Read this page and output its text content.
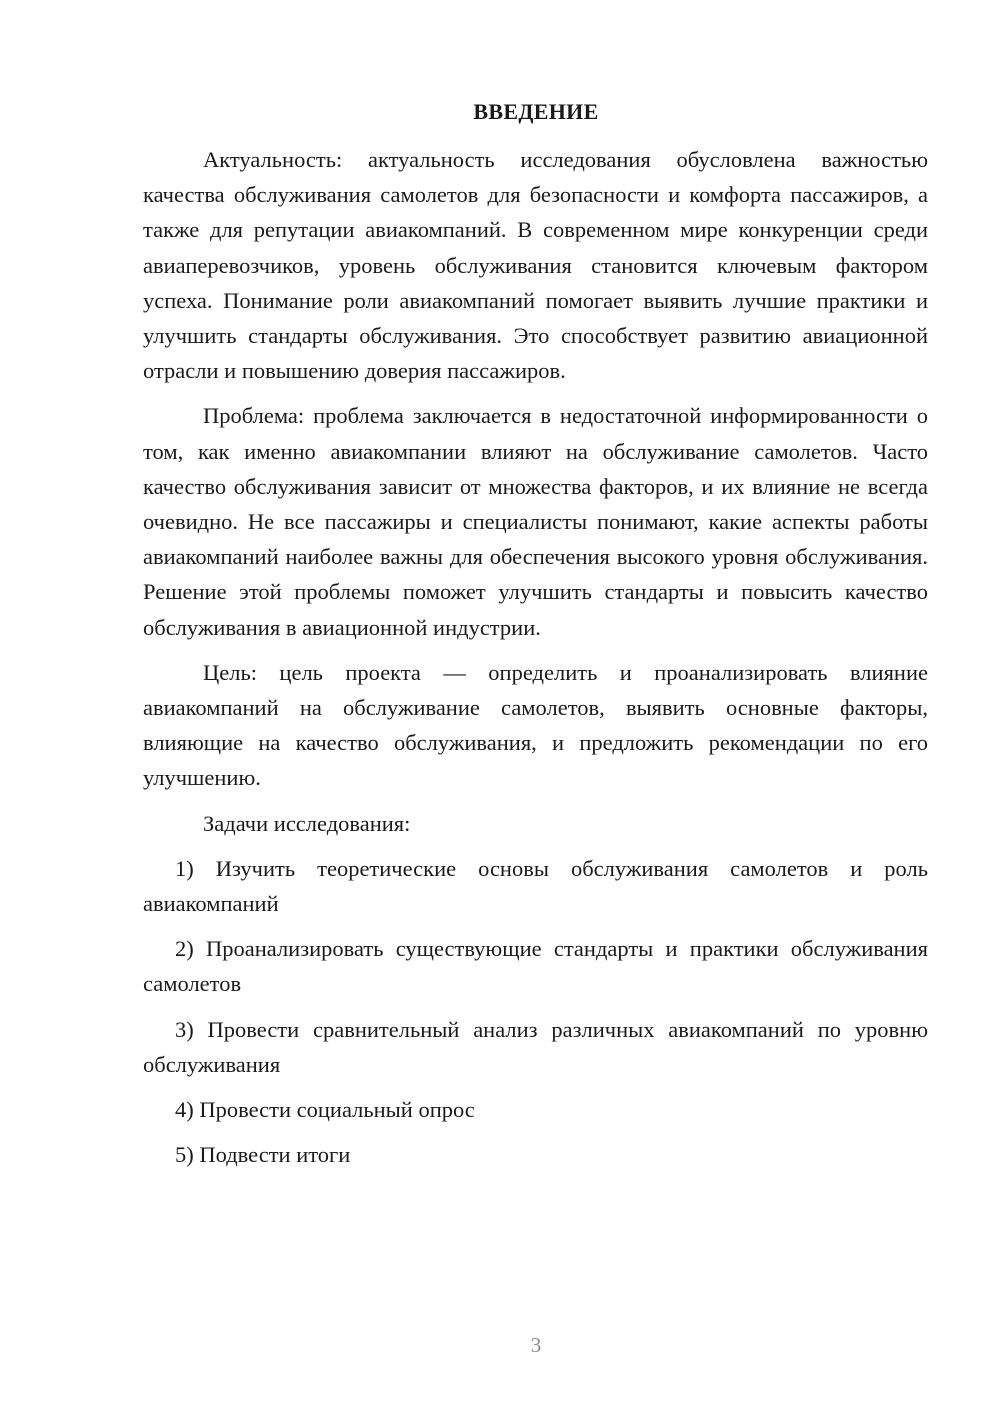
ВВЕДЕНИЕ

Актуальность: актуальность исследования обусловлена важностью качества обслуживания самолетов для безопасности и комфорта пассажиров, а также для репутации авиакомпаний. В современном мире конкуренции среди авиаперевозчиков, уровень обслуживания становится ключевым фактором успеха. Понимание роли авиакомпаний помогает выявить лучшие практики и улучшить стандарты обслуживания. Это способствует развитию авиационной отрасли и повышению доверия пассажиров.

Проблема: проблема заключается в недостаточной информированности о том, как именно авиакомпании влияют на обслуживание самолетов. Часто качество обслуживания зависит от множества факторов, и их влияние не всегда очевидно. Не все пассажиры и специалисты понимают, какие аспекты работы авиакомпаний наиболее важны для обеспечения высокого уровня обслуживания. Решение этой проблемы поможет улучшить стандарты и повысить качество обслуживания в авиационной индустрии.

Цель: цель проекта — определить и проанализировать влияние авиакомпаний на обслуживание самолетов, выявить основные факторы, влияющие на качество обслуживания, и предложить рекомендации по его улучшению.

Задачи исследования:

1) Изучить теоретические основы обслуживания самолетов и роль авиакомпаний

2) Проанализировать существующие стандарты и практики обслуживания самолетов

3) Провести сравнительный анализ различных авиакомпаний по уровню обслуживания

4) Провести социальный опрос

5) Подвести итоги

3
